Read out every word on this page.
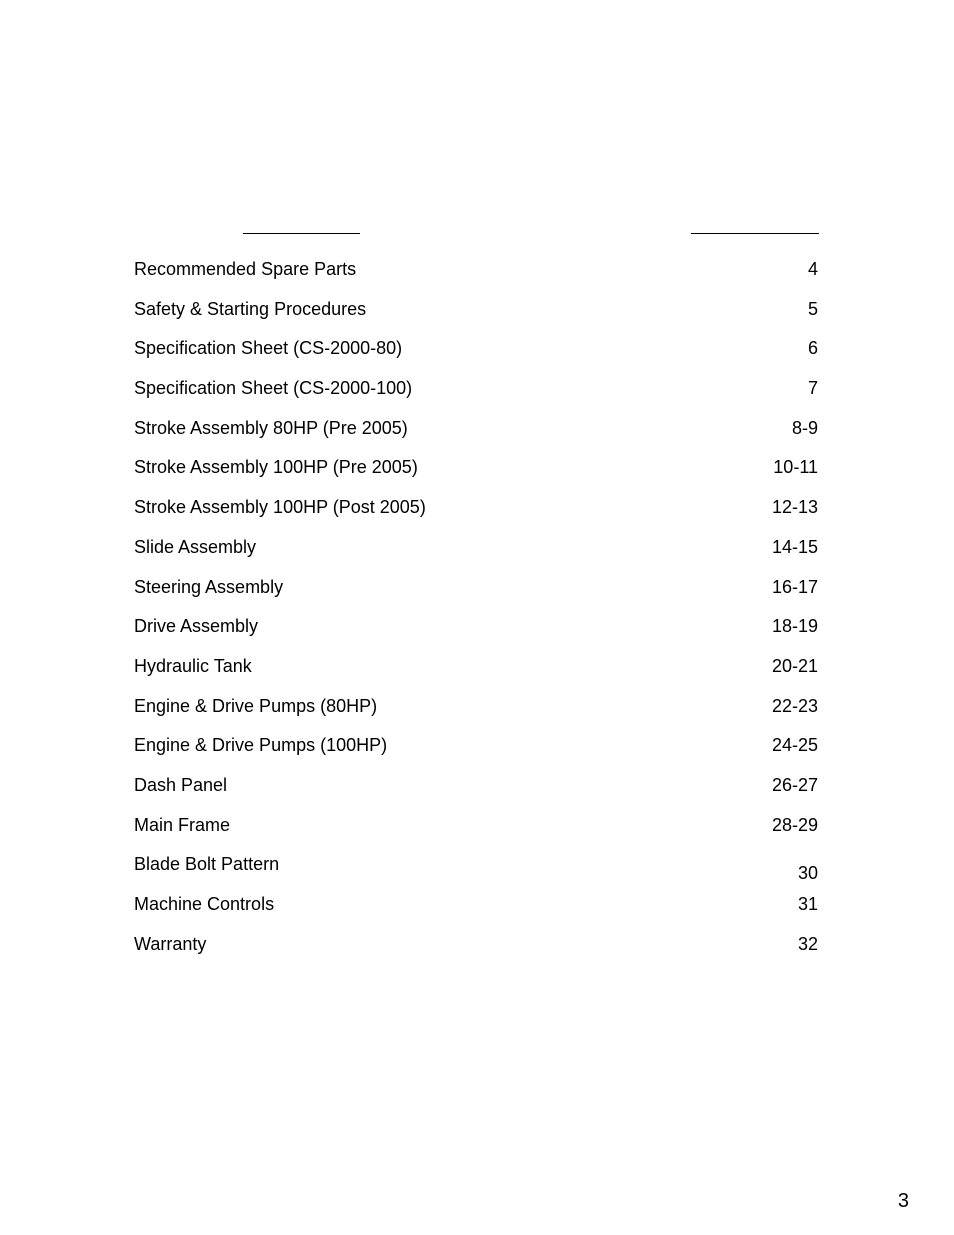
Recommended Spare Parts	4
Safety & Starting Procedures	5
Specification Sheet (CS-2000-80)	6
Specification Sheet (CS-2000-100)	7
Stroke Assembly 80HP (Pre 2005)	8-9
Stroke Assembly 100HP (Pre 2005)	10-11
Stroke Assembly 100HP (Post 2005)	12-13
Slide Assembly	14-15
Steering Assembly	16-17
Drive Assembly	18-19
Hydraulic Tank	20-21
Engine & Drive Pumps (80HP)	22-23
Engine & Drive Pumps (100HP)	24-25
Dash Panel	26-27
Main Frame	28-29
Blade Bolt Pattern	30
Machine Controls	31
Warranty	32
3
